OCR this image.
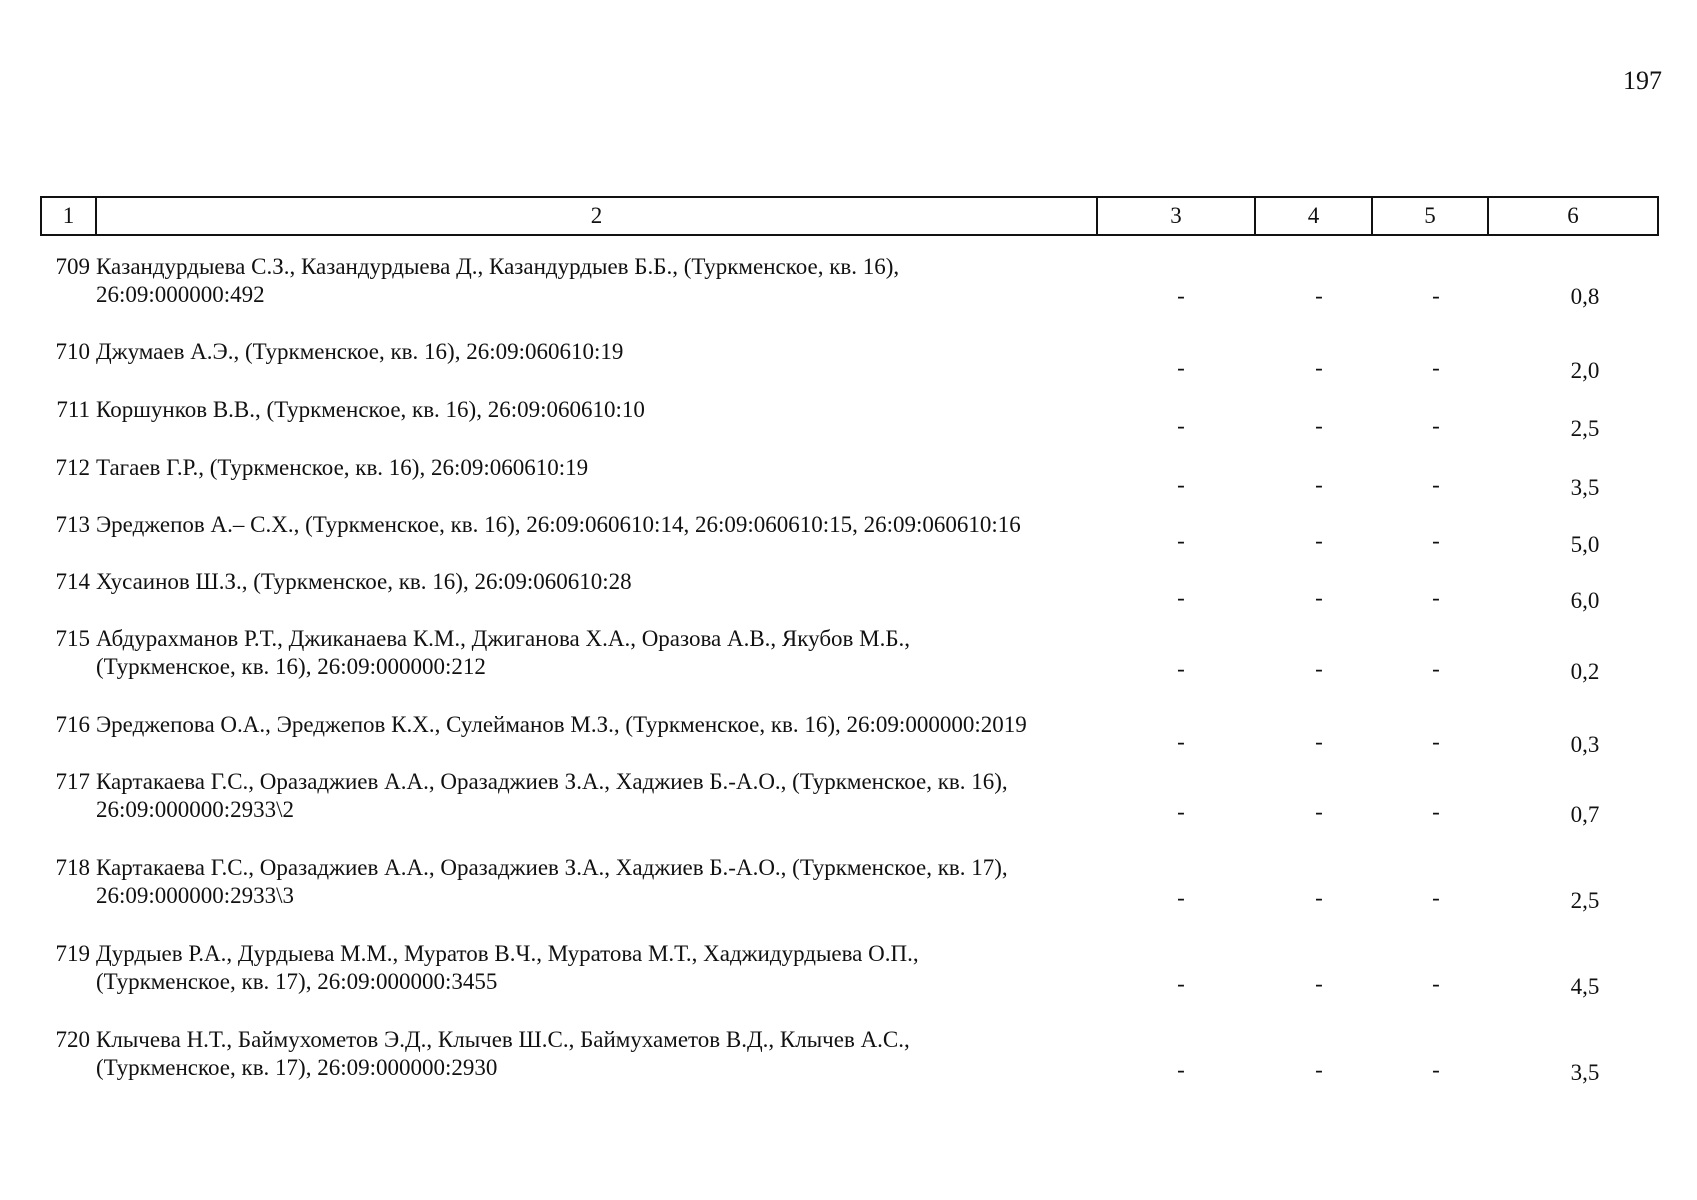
197
1	2	3	4	5	6
709 Казандурдыева С.З., Казандурдыева Д., Казандурдыев Б.Б., (Туркменское, кв. 16),
26:09:000000:492	-	-	-	0,8
710 Джумаев А.Э., (Туркменское, кв. 16), 26:09:060610:19
-	-	-	2,0
711 Коршунков В.В., (Туркменское, кв. 16), 26:09:060610:10
-	-	-	2,5
712 Тагаев Г.Р., (Туркменское, кв. 16), 26:09:060610:19
-	-	-	3,5
713 Эреджепов А.– С.Х., (Туркменское, кв. 16), 26:09:060610:14, 26:09:060610:15, 26:09:060610:16
-	-	-	5,0
714 Хусаинов Ш.З., (Туркменское, кв. 16), 26:09:060610:28
-	-	-	6,0
715 Абдурахманов Р.Т., Джиканаева К.М., Джиганова Х.А., Оразова А.В., Якубов М.Б.,
(Туркменское, кв. 16), 26:09:000000:212	-	-	-	0,2
716 Эреджепова О.А., Эреджепов К.Х., Сулейманов М.З., (Туркменское, кв. 16), 26:09:000000:2019
-	-	-	0,3
717 Картакаева Г.С., Оразаджиев А.А., Оразаджиев З.А., Хаджиев Б.-А.О., (Туркменское, кв. 16),
26:09:000000:2933\2	-	-	-	0,7
718 Картакаева Г.С., Оразаджиев А.А., Оразаджиев З.А., Хаджиев Б.-А.О., (Туркменское, кв. 17),
26:09:000000:2933\3	-	-	-	2,5
719 Дурдыев Р.А., Дурдыева М.М., Муратов В.Ч., Муратова М.Т., Хаджидурдыева О.П.,
(Туркменское, кв. 17), 26:09:000000:3455	-	-	-	4,5
720 Клычева Н.Т., Баймухометов Э.Д., Клычев Ш.С., Баймухаметов В.Д., Клычев А.С.,
(Туркменское, кв. 17), 26:09:000000:2930	-	-	-	3,5
